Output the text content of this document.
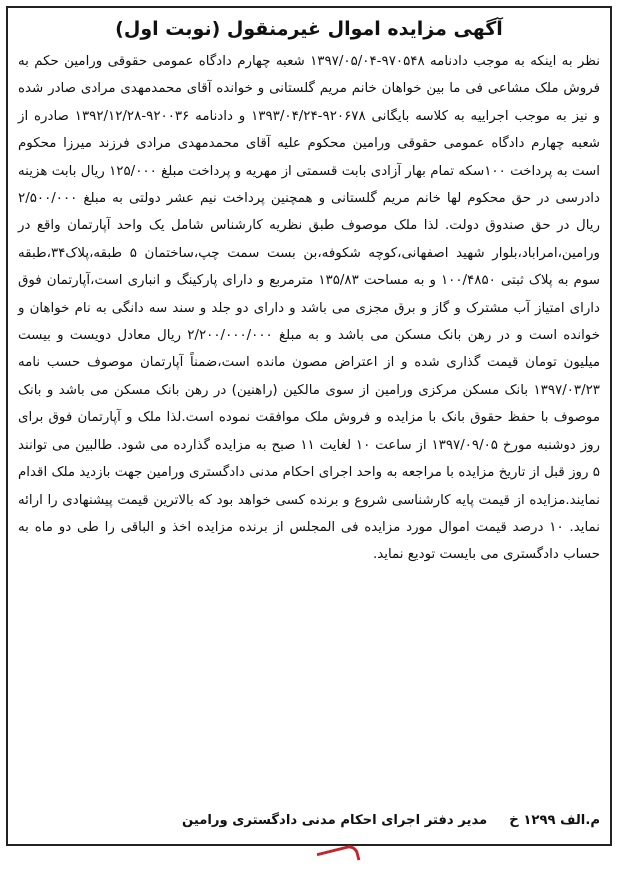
آگهی مزایده اموال غیرمنقول (نوبت اول)

نظر به اینکه به موجب دادنامه ۹۷۰۵۴۸-۱۳۹۷/۰۵/۰۴ شعبه چهارم دادگاه عمومی حقوقی ورامین حکم به فروش ملک مشاعی فی ما بین خواهان خانم مریم گلستانی و خوانده آقای محمدمهدی مرادی صادر شده و نیز به موجب اجراییه به کلاسه بایگانی ۹۲۰۶۷۸-۱۳۹۳/۰۴/۲۴ و دادنامه ۹۲۰۰۳۶-۱۳۹۲/۱۲/۲۸ صادره از شعبه چهارم دادگاه عمومی حقوقی ورامین محکوم علیه آقای محمدمهدی مرادی فرزند میرزا محکوم است به پرداخت ۱۰۰سکه تمام بهار آزادی بابت قسمتی از مهریه و پرداخت مبلغ ۱۲۵/۰۰۰ ریال بابت هزینه دادرسی در حق محکوم لها خانم مریم گلستانی و همچنین پرداخت نیم عشر دولتی به مبلغ ۲/۵۰۰/۰۰۰ ریال در حق صندوق دولت. لذا ملک موصوف طبق نظریه کارشناس شامل یک واحد آپارتمان واقع در ورامین،امراباد،بلوار شهید اصفهانی،کوچه شکوفه،بن بست سمت چپ،ساختمان ۵ طبقه،پلاک۳۴،طبقه سوم به پلاک ثبتی ۱۰۰/۴۸۵۰ و به مساحت ۱۳۵/۸۳ مترمربع و دارای پارکینگ و انباری است،آپارتمان فوق دارای امتیاز آب مشترک و گاز و برق مجزی می باشد و دارای دو جلد و سند سه دانگی به نام خواهان و خوانده است و در رهن بانک مسکن می باشد و به مبلغ ۲/۲۰۰/۰۰۰/۰۰۰ ریال معادل دویست و بیست میلیون تومان قیمت گذاری شده و از اعتراض مصون مانده است،ضمناً آپارتمان موصوف حسب نامه ۱۳۹۷/۰۳/۲۳ بانک مسکن مرکزی ورامین از سوی مالکین (راهنین) در رهن بانک مسکن می باشد و بانک موصوف با حفظ حقوق بانک با مزایده و فروش ملک موافقت نموده است.لذا ملک و آپارتمان فوق برای روز دوشنبه مورخ ۱۳۹۷/۰۹/۰۵ از ساعت ۱۰ لغایت ۱۱ صبح به مزایده گذارده می شود. طالبین می توانند ۵ روز قبل از تاریخ مزایده با مراجعه به واحد اجرای احکام مدنی دادگستری ورامین جهت بازدید ملک اقدام نمایند.مزایده از قیمت پایه کارشناسی شروع و برنده کسی خواهد بود که بالاترین قیمت پیشنهادی را ارائه نماید. ۱۰ درصد قیمت اموال مورد مزایده فی المجلس از برنده مزایده اخذ و الباقی را طی دو ماه به حساب دادگستری می بایست تودیع نماید.

م.الف ۱۲۹۹ خ
مدیر دفتر اجرای احکام مدنی دادگستری ورامین
